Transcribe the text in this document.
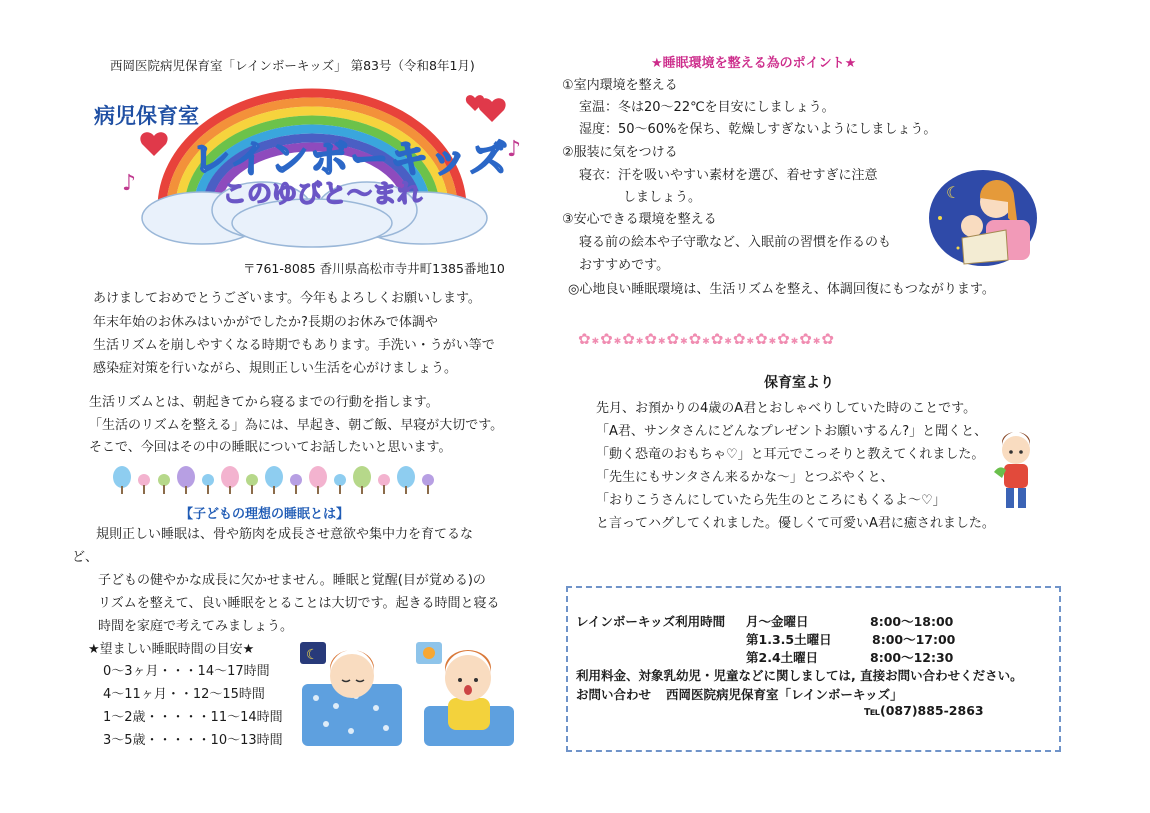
西岡医院病児保育室「レインボーキッズ」 第83号（令和8年1月)
♪
♪
病児保育室
レインボーキッズ
このゆびと〜まれ
〒761-8085 香川県高松市寺井町1385番地10
あけましておめでとうございます。今年もよろしくお願いします。
年末年始のお休みはいかがでしたか?長期のお休みで体調や
生活リズムを崩しやすくなる時期でもあります。手洗い・うがい等で
感染症対策を行いながら、規則正しい生活を心がけましょう。
生活リズムとは、朝起きてから寝るまでの行動を指します。
「生活のリズムを整える」為には、早起き、朝ご飯、早寝が大切です。
そこで、今回はその中の睡眠についてお話したいと思います。
【子どもの理想の睡眠とは】
規則正しい睡眠は、骨や筋肉を成長させ意欲や集中力を育てるな
ど、
子どもの健やかな成長に欠かせません。睡眠と覚醒(目が覚める)の
リズムを整えて、良い睡眠をとることは大切です。起きる時間と寝る
時間を家庭で考えてみましょう。
★望ましい睡眠時間の目安★
0〜3ヶ月・・・14〜17時間
4〜11ヶ月・・12〜15時間
1〜2歳・・・・・11〜14時間
3〜5歳・・・・・10〜13時間
☾
★睡眠環境を整える為のポイント★
①室内環境を整える
室温：冬は20〜22℃を目安にしましょう。
湿度：50〜60%を保ち、乾燥しすぎないようにしましょう。
②服装に気をつける
寝衣：汗を吸いやすい素材を選び、着せすぎに注意
しましょう。
③安心できる環境を整える
寝る前の絵本や子守歌など、入眠前の習慣を作るのも
おすすめです。
◎心地良い睡眠環境は、生活リズムを整え、体調回復にもつながります。
☾
✿✱✿✱✿✱✿✱✿✱✿✱✿✱✿✱✿✱✿✱✿✱✿
保育室より
先月、お預かりの4歳のA君とおしゃべりしていた時のことです。
「A君、サンタさんにどんなプレゼントお願いするん?」と聞くと、
「動く恐竜のおもちゃ♡」と耳元でこっそりと教えてくれました。
「先生にもサンタさん来るかな〜」とつぶやくと、
「おりこうさんにしていたら先生のところにもくるよ〜♡」
と言ってハグしてくれました。優しくて可愛いA君に癒されました。
レインボーキッズ利用時間 月〜金曜日	8:00〜18:00
第1.3.5土曜日	8:00〜17:00
第2.4土曜日	8:00〜12:30
利用料金、対象乳幼児・児童などに関しましては, 直接お問い合わせください。
お問い合わせ 西岡医院病児保育室「レインボーキッズ」
℡(087)885-2863
